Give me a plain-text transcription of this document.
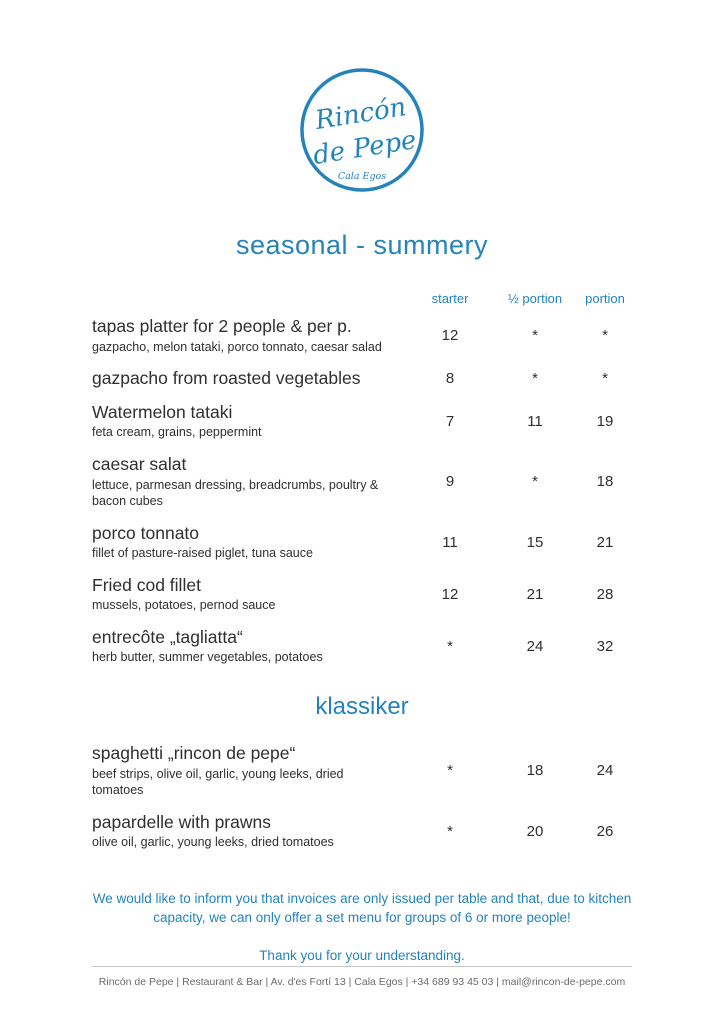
Rincón
de Pepe
Cala Egos
seasonal - summery
starter	½ portion	portion
tapas platter for 2 people & per p.
gazpacho, melon tataki, porco tonnato, caesar salad
12	*	*
gazpacho from roasted vegetables	8	*	*
Watermelon tataki
feta cream, grains, peppermint
7	11	19
caesar salat
lettuce, parmesan dressing, breadcrumbs, poultry & bacon cubes
9	*	18
porco tonnato
fillet of pasture-raised piglet, tuna sauce
11	15	21
Fried cod fillet
mussels, potatoes, pernod sauce
12	21	28
entrecôte „tagliatta“
herb butter, summer vegetables, potatoes
*	24	32
klassiker
spaghetti „rincon de pepe“
beef strips, olive oil, garlic, young leeks, dried tomatoes
*	18	24
papardelle with prawns
olive oil, garlic, young leeks, dried tomatoes
*	20	26
We would like to inform you that invoices are only issued per table and that, due to kitchen capacity, we can only offer a set menu for groups of 6 or more people!
Thank you for your understanding.
Rincón de Pepe | Restaurant & Bar | Av. d'es Fortí 13 | Cala Egos | +34 689 93 45 03 | mail@rincon-de-pepe.com
